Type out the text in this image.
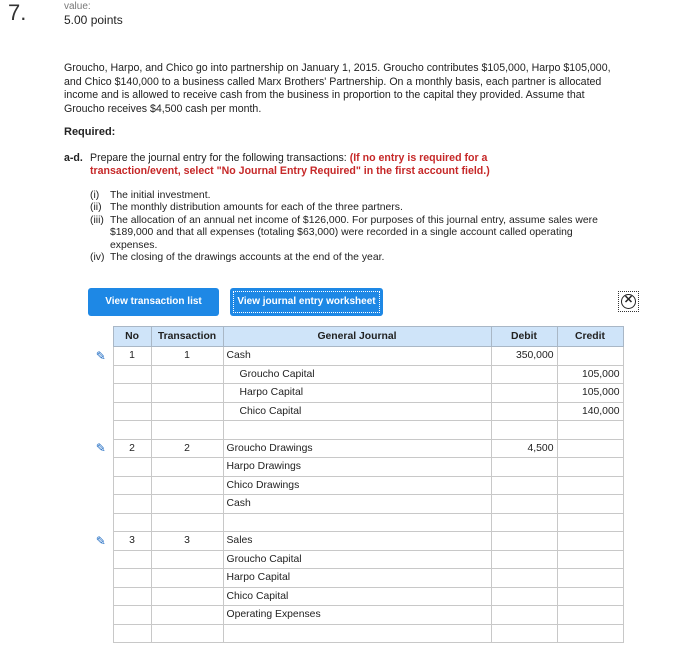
7.	value:
5.00 points
Groucho, Harpo, and Chico go into partnership on January 1, 2015. Groucho contributes $105,000, Harpo $105,000, and Chico $140,000 to a business called Marx Brothers' Partnership. On a monthly basis, each partner is allocated income and is allowed to receive cash from the business in proportion to the capital they provided. Assume that Groucho receives $4,500 cash per month.
Required:
a-d. Prepare the journal entry for the following transactions: (If no entry is required for a transaction/event, select "No Journal Entry Required" in the first account field.)
(i)	The initial investment.
(ii) The monthly distribution amounts for each of the three partners.
(iii) The allocation of an annual net income of $126,000. For purposes of this journal entry, assume sales were $189,000 and that all expenses (totaling $63,000) were recorded in a single account called operating expenses.
(iv) The closing of the drawings accounts at the end of the year.
View transaction list	View journal entry worksheet	✕
	No	Transaction	General Journal	Debit	Credit
✎	1	1	Cash	350,000	
			Groucho Capital		105,000
			Harpo Capital		105,000
			Chico Capital		140,000

✎	2	2	Groucho Drawings	4,500	
			Harpo Drawings		
			Chico Drawings		
			Cash		

✎	3	3	Sales		
			Groucho Capital		
			Harpo Capital		
			Chico Capital		
			Operating Expenses		
